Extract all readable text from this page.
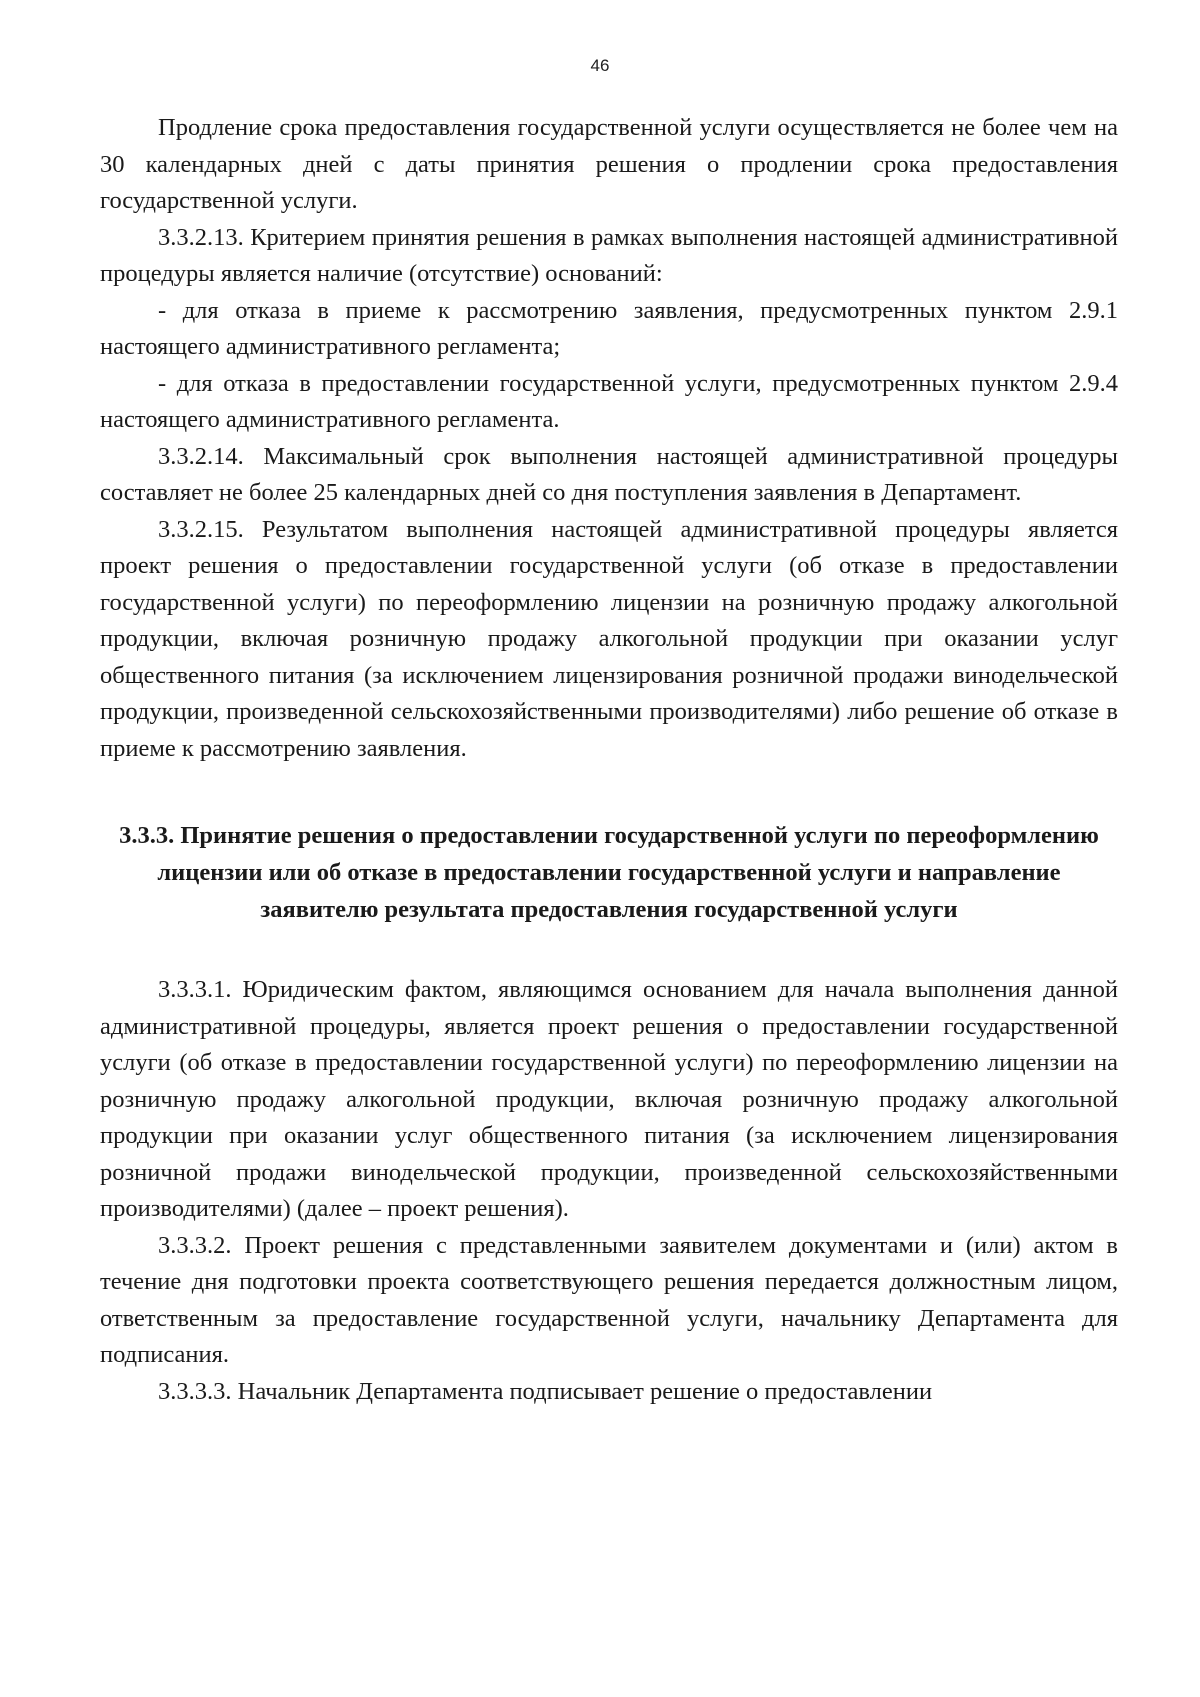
46

Продление срока предоставления государственной услуги осуществляется не более чем на 30 календарных дней с даты принятия решения о продлении срока предоставления государственной услуги.

3.3.2.13. Критерием принятия решения в рамках выполнения настоящей административной процедуры является наличие (отсутствие) оснований:

- для отказа в приеме к рассмотрению заявления, предусмотренных пунктом 2.9.1 настоящего административного регламента;

- для отказа в предоставлении государственной услуги, предусмотренных пунктом 2.9.4 настоящего административного регламента.

3.3.2.14. Максимальный срок выполнения настоящей административной процедуры составляет не более 25 календарных дней со дня поступления заявления в Департамент.

3.3.2.15. Результатом выполнения настоящей административной процедуры является проект решения о предоставлении государственной услуги (об отказе в предоставлении государственной услуги) по переоформлению лицензии на розничную продажу алкогольной продукции, включая розничную продажу алкогольной продукции при оказании услуг общественного питания (за исключением лицензирования розничной продажи винодельческой продукции, произведенной сельскохозяйственными производителями) либо решение об отказе в приеме к рассмотрению заявления.

3.3.3. Принятие решения о предоставлении государственной услуги по переоформлению лицензии или об отказе в предоставлении государственной услуги и направление заявителю результата предоставления государственной услуги

3.3.3.1. Юридическим фактом, являющимся основанием для начала выполнения данной административной процедуры, является проект решения о предоставлении государственной услуги (об отказе в предоставлении государственной услуги) по переоформлению лицензии на розничную продажу алкогольной продукции, включая розничную продажу алкогольной продукции при оказании услуг общественного питания (за исключением лицензирования розничной продажи винодельческой продукции, произведенной сельскохозяйственными производителями) (далее – проект решения).

3.3.3.2. Проект решения с представленными заявителем документами и (или) актом в течение дня подготовки проекта соответствующего решения передается должностным лицом, ответственным за предоставление государственной услуги, начальнику Департамента для подписания.

3.3.3.3. Начальник Департамента подписывает решение о предоставлении
